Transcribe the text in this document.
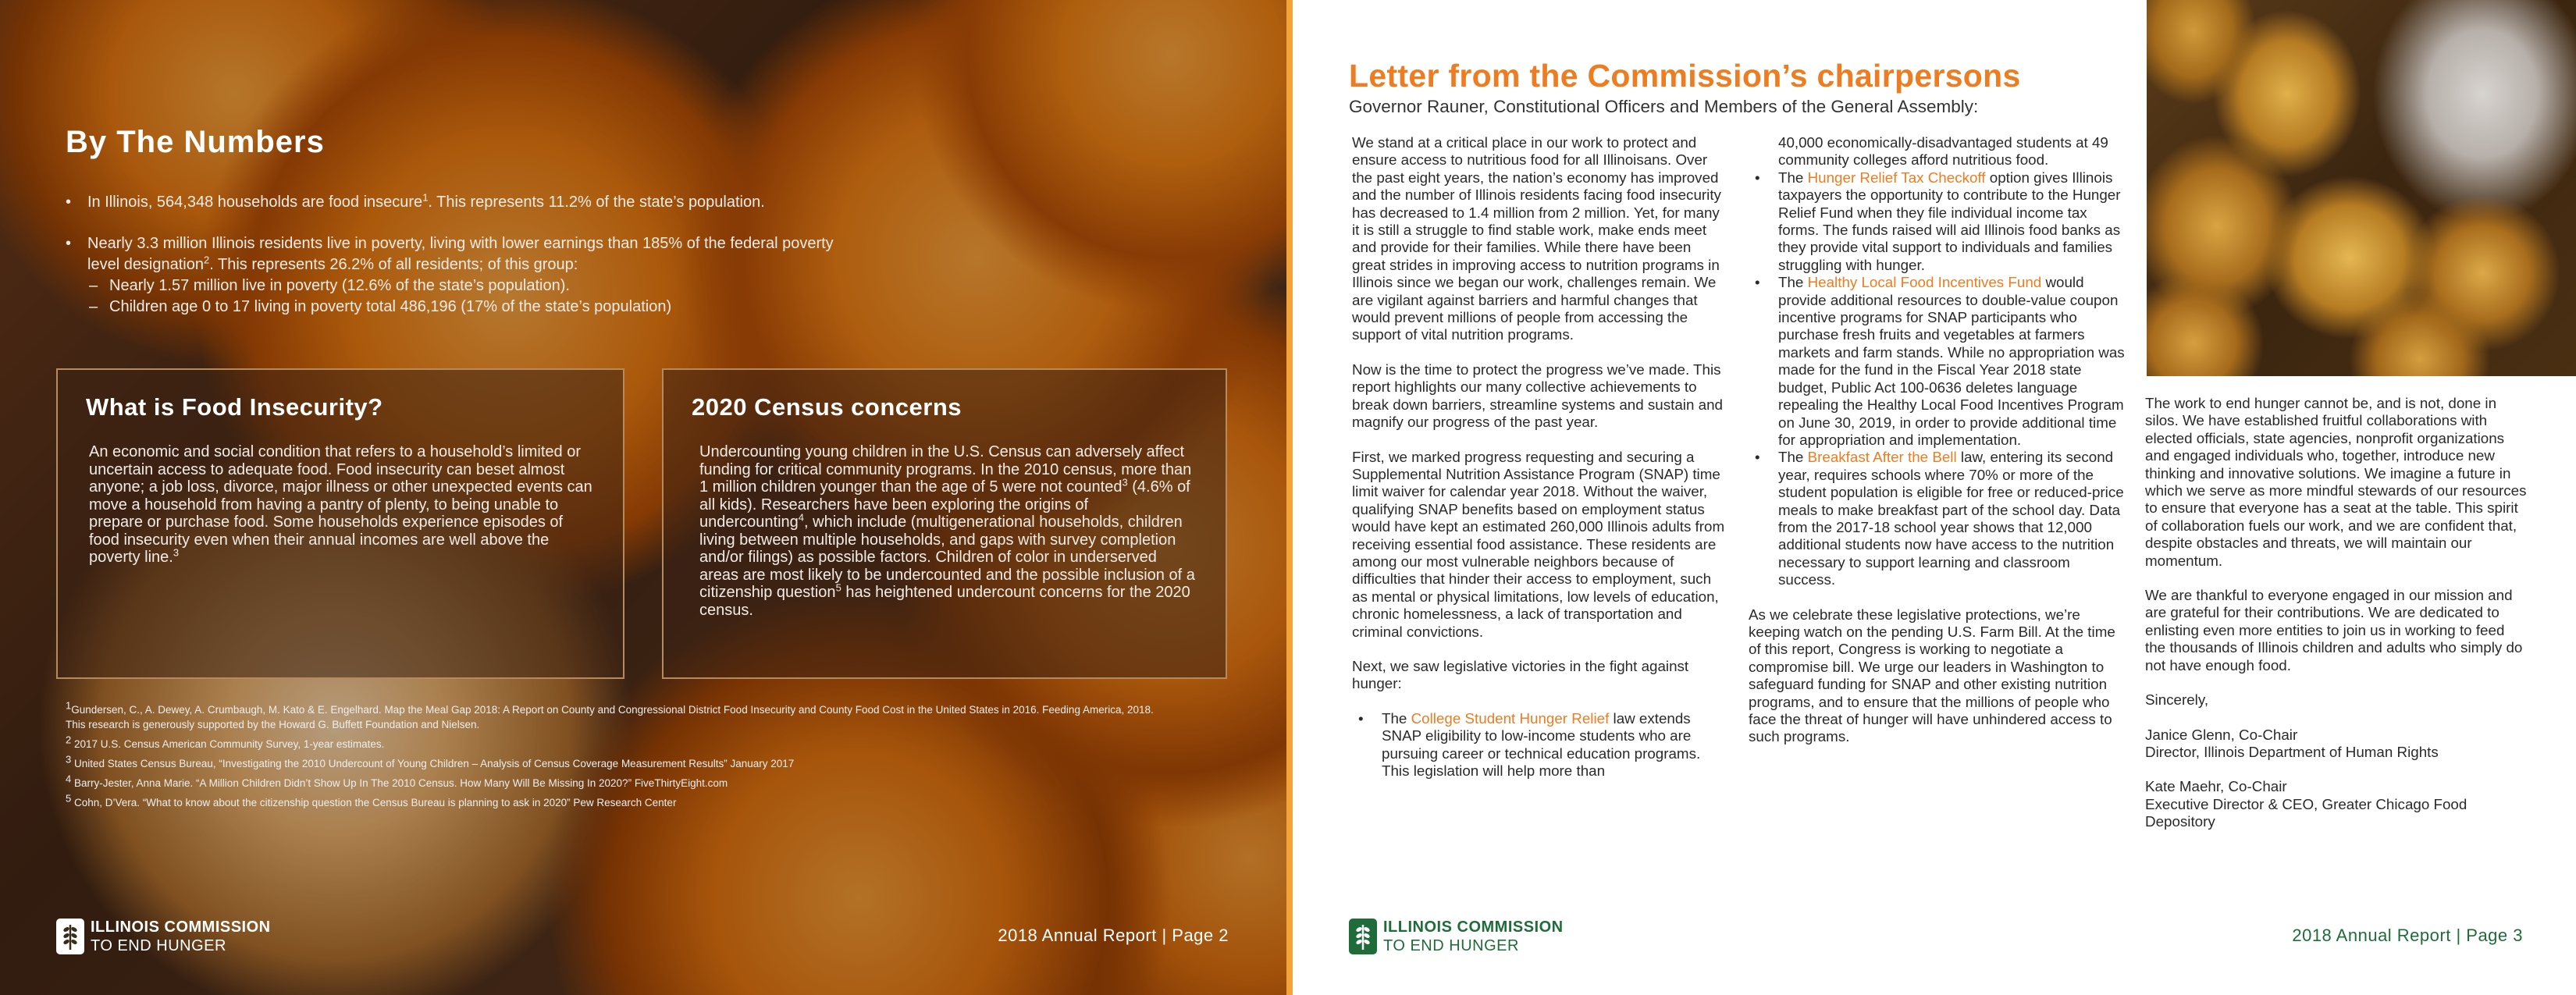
By The Numbers
• In Illinois, 564,348 households are food insecure$^1$. This represents 11.2% of the state’s population.
• Nearly 3.3 million Illinois residents live in poverty, living with lower earnings than 185% of the federal poverty level designation$^2$. This represents 26.2% of all residents; of this group:
– Nearly 1.57 million live in poverty (12.6% of the state’s population).
– Children age 0 to 17 living in poverty total 486,196 (17% of the state’s population)
What is Food Insecurity?

An economic and social condition that refers to a household’s limited or uncertain access to adequate food. Food insecurity can beset almost anyone; a job loss, divorce, major illness or other unexpected events can move a household from having a pantry of plenty, to being unable to prepare or purchase food. Some households experience episodes of food insecurity even when their annual incomes are well above the poverty line.$^3$

2020 Census concerns

Undercounting young children in the U.S. Census can adversely affect funding for critical community programs. In the 2010 census, more than 1 million children younger than the age of 5 were not counted$^3$ (4.6% of all kids). Researchers have been exploring the origins of undercounting$^4$, which include (multigenerational households, children living between multiple households, and gaps with survey completion and/or filings) as possible factors. Children of color in underserved areas are most likely to be undercounted and the possible inclusion of a citizenship question$^5$ has heightened undercount concerns for the 2020 census.

$^1$Gundersen, C., A. Dewey, A. Crumbaugh, M. Kato & E. Engelhard. Map the Meal Gap 2018: A Report on County and Congressional District Food Insecurity and County Food Cost in the United States in 2016. Feeding America, 2018. This research is generously supported by the Howard G. Buffett Foundation and Nielsen.
$^2$ 2017 U.S. Census American Community Survey, 1-year estimates.
$^3$ United States Census Bureau, “Investigating the 2010 Undercount of Young Children – Analysis of Census Coverage Measurement Results” January 2017
$^4$ Barry-Jester, Anna Marie. “A Million Children Didn’t Show Up In The 2010 Census. How Many Will Be Missing In 2020?” FiveThirtyEight.com
$^5$ Cohn, D’Vera. “What to know about the citizenship question the Census Bureau is planning to ask in 2020” Pew Research Center
ILLINOIS COMMISSION
TO END HUNGER
2018 Annual Report | Page 2
Letter from the Commission’s chairpersons
Governor Rauner, Constitutional Officers and Members of the General Assembly:

We stand at a critical place in our work to protect and ensure access to nutritious food for all Illinoisans. Over the past eight years, the nation’s economy has improved and the number of Illinois residents facing food insecurity has decreased to 1.4 million from 2 million. Yet, for many it is still a struggle to find stable work, make ends meet and provide for their families. While there have been great strides in improving access to nutrition programs in Illinois since we began our work, challenges remain. We are vigilant against barriers and harmful changes that would prevent millions of people from accessing the support of vital nutrition programs.

Now is the time to protect the progress we’ve made. This report highlights our many collective achievements to break down barriers, streamline systems and sustain and magnify our progress of the past year.

First, we marked progress requesting and securing a Supplemental Nutrition Assistance Program (SNAP) time limit waiver for calendar year 2018. Without the waiver, qualifying SNAP benefits based on employment status would have kept an estimated 260,000 Illinois adults from receiving essential food assistance. These residents are among our most vulnerable neighbors because of difficulties that hinder their access to employment, such as mental or physical limitations, low levels of education, chronic homelessness, a lack of transportation and criminal convictions.

Next, we saw legislative victories in the fight against hunger:

• The College Student Hunger Relief law extends SNAP eligibility to low-income students who are pursuing career or technical education programs. This legislation will help more than

40,000 economically-disadvantaged students at 49 community colleges afford nutritious food.

• The Hunger Relief Tax Checkoff option gives Illinois taxpayers the opportunity to contribute to the Hunger Relief Fund when they file individual income tax forms. The funds raised will aid Illinois food banks as they provide vital support to individuals and families struggling with hunger.

• The Healthy Local Food Incentives Fund would provide additional resources to double-value coupon incentive programs for SNAP participants who purchase fresh fruits and vegetables at farmers markets and farm stands. While no appropriation was made for the fund in the Fiscal Year 2018 state budget, Public Act 100-0636 deletes language repealing the Healthy Local Food Incentives Program on June 30, 2019, in order to provide additional time for appropriation and implementation.

• The Breakfast After the Bell law, entering its second year, requires schools where 70% or more of the student population is eligible for free or reduced-price meals to make breakfast part of the school day. Data from the 2017-18 school year shows that 12,000 additional students now have access to the nutrition necessary to support learning and classroom success.

As we celebrate these legislative protections, we’re keeping watch on the pending U.S. Farm Bill. At the time of this report, Congress is working to negotiate a compromise bill. We urge our leaders in Washington to safeguard funding for SNAP and other existing nutrition programs, and to ensure that the millions of people who face the threat of hunger will have unhindered access to such programs.

The work to end hunger cannot be, and is not, done in silos. We have established fruitful collaborations with elected officials, state agencies, nonprofit organizations and engaged individuals who, together, introduce new thinking and innovative solutions. We imagine a future in which we serve as more mindful stewards of our resources to ensure that everyone has a seat at the table. This spirit of collaboration fuels our work, and we are confident that, despite obstacles and threats, we will maintain our momentum.

We are thankful to everyone engaged in our mission and are grateful for their contributions. We are dedicated to enlisting even more entities to join us in working to feed the thousands of Illinois children and adults who simply do not have enough food.

Sincerely,

Janice Glenn, Co-Chair
Director, Illinois Department of Human Rights

Kate Maehr, Co-Chair
Executive Director & CEO, Greater Chicago Food Depository

ILLINOIS COMMISSION
TO END HUNGER
2018 Annual Report | Page 3
